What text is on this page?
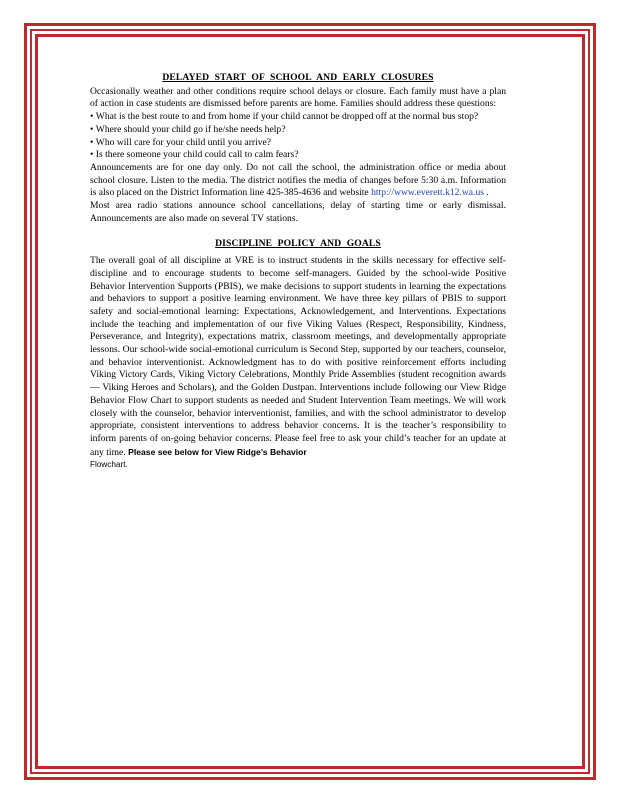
DELAYED START OF SCHOOL AND EARLY CLOSURES

Occasionally weather and other conditions require school delays or closure. Each family must have a plan of action in case students are dismissed before parents are home. Families should address these questions:

• What is the best route to and from home if your child cannot be dropped off at the normal bus stop?

• Where should your child go if he/she needs help?

• Who will care for your child until you arrive?

• Is there someone your child could call to calm fears?

Announcements are for one day only. Do not call the school, the administration office or media about school closure. Listen to the media. The district notifies the media of changes before 5:30 a.m. Information is also placed on the District Information line 425-385-4636 and website http://www.everett.k12.wa.us .

Most area radio stations announce school cancellations, delay of starting time or early dismissal. Announcements are also made on several TV stations.

DISCIPLINE POLICY AND GOALS

The overall goal of all discipline at VRE is to instruct students in the skills necessary for effective self-discipline and to encourage students to become self-managers. Guided by the school-wide Positive Behavior Intervention Supports (PBIS), we make decisions to support students in learning the expectations and behaviors to support a positive learning environment. We have three key pillars of PBIS to support safety and social-emotional learning: Expectations, Acknowledgement, and Interventions. Expectations include the teaching and implementation of our five Viking Values (Respect, Responsibility, Kindness, Perseverance, and Integrity), expectations matrix, classroom meetings, and developmentally appropriate lessons. Our school-wide social-emotional curriculum is Second Step, supported by our teachers, counselor, and behavior interventionist. Acknowledgment has to do with positive reinforcement efforts including Viking Victory Cards, Viking Victory Celebrations, Monthly Pride Assemblies (student recognition awards — Viking Heroes and Scholars), and the Golden Dustpan. Interventions include following our View Ridge Behavior Flow Chart to support students as needed and Student Intervention Team meetings. We will work closely with the counselor, behavior interventionist, families, and with the school administrator to develop appropriate, consistent interventions to address behavior concerns. It is the teacher’s responsibility to inform parents of on-going behavior concerns. Please feel free to ask your child’s teacher for an update at any time. Please see below for View Ridge’s Behavior

Flowchart.
